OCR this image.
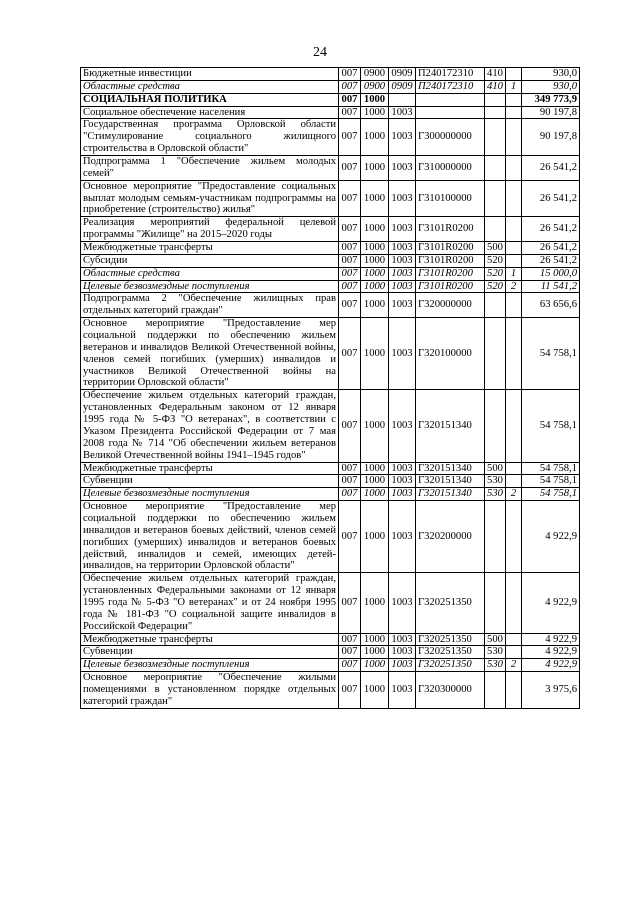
24
Бюджетные инвестиции	007	0900	0909	П240172310	410		930,0
Областные средства	007	0900	0909	П240172310	410	1	930,0
СОЦИАЛЬНАЯ ПОЛИТИКА	007	1000					349 773,9
Социальное обеспечение населения	007	1000	1003				90 197,8
Государственная программа Орловской области "Стимулирование социального жилищного строительства в Орловской области"	007	1000	1003	Г300000000			90 197,8
Подпрограмма 1 "Обеспечение жильем молодых семей"	007	1000	1003	Г310000000			26 541,2
Основное мероприятие "Предоставление социальных выплат молодым семьям-участникам подпрограммы на приобретение (строительство) жилья"	007	1000	1003	Г310100000			26 541,2
Реализация мероприятий федеральной целевой программы "Жилище" на 2015–2020 годы	007	1000	1003	Г3101R0200			26 541,2
Межбюджетные трансферты	007	1000	1003	Г3101R0200	500		26 541,2
Субсидии	007	1000	1003	Г3101R0200	520		26 541,2
Областные средства	007	1000	1003	Г3101R0200	520	1	15 000,0
Целевые безвозмездные поступления	007	1000	1003	Г3101R0200	520	2	11 541,2
Подпрограмма 2 "Обеспечение жилищных прав отдельных категорий граждан"	007	1000	1003	Г320000000			63 656,6
Основное мероприятие "Предоставление мер социальной поддержки по обеспечению жильем ветеранов и инвалидов Великой Отечественной войны, членов семей погибших (умерших) инвалидов и участников Великой Отечественной войны на территории Орловской области"	007	1000	1003	Г320100000			54 758,1
Обеспечение жильем отдельных категорий граждан, установленных Федеральным законом от 12 января 1995 года № 5-ФЗ "О ветеранах", в соответствии с Указом Президента Российской Федерации от 7 мая 2008 года № 714 "Об обеспечении жильем ветеранов Великой Отечественной войны 1941–1945 годов"	007	1000	1003	Г320151340			54 758,1
Межбюджетные трансферты	007	1000	1003	Г320151340	500		54 758,1
Субвенции	007	1000	1003	Г320151340	530		54 758,1
Целевые безвозмездные поступления	007	1000	1003	Г320151340	530	2	54 758,1
Основное мероприятие "Предоставление мер социальной поддержки по обеспечению жильем инвалидов и ветеранов боевых действий, членов семей погибших (умерших) инвалидов и ветеранов боевых действий, инвалидов и семей, имеющих детей-инвалидов, на территории Орловской области"	007	1000	1003	Г320200000			4 922,9
Обеспечение жильем отдельных категорий граждан, установленных Федеральными законами от 12 января 1995 года № 5-ФЗ "О ветеранах" и от 24 ноября 1995 года № 181-ФЗ "О социальной защите инвалидов в Российской Федерации"	007	1000	1003	Г320251350			4 922,9
Межбюджетные трансферты	007	1000	1003	Г320251350	500		4 922,9
Субвенции	007	1000	1003	Г320251350	530		4 922,9
Целевые безвозмездные поступления	007	1000	1003	Г320251350	530	2	4 922,9
Основное мероприятие "Обеспечение жилыми помещениями в установленном порядке отдельных категорий граждан"	007	1000	1003	Г320300000			3 975,6
